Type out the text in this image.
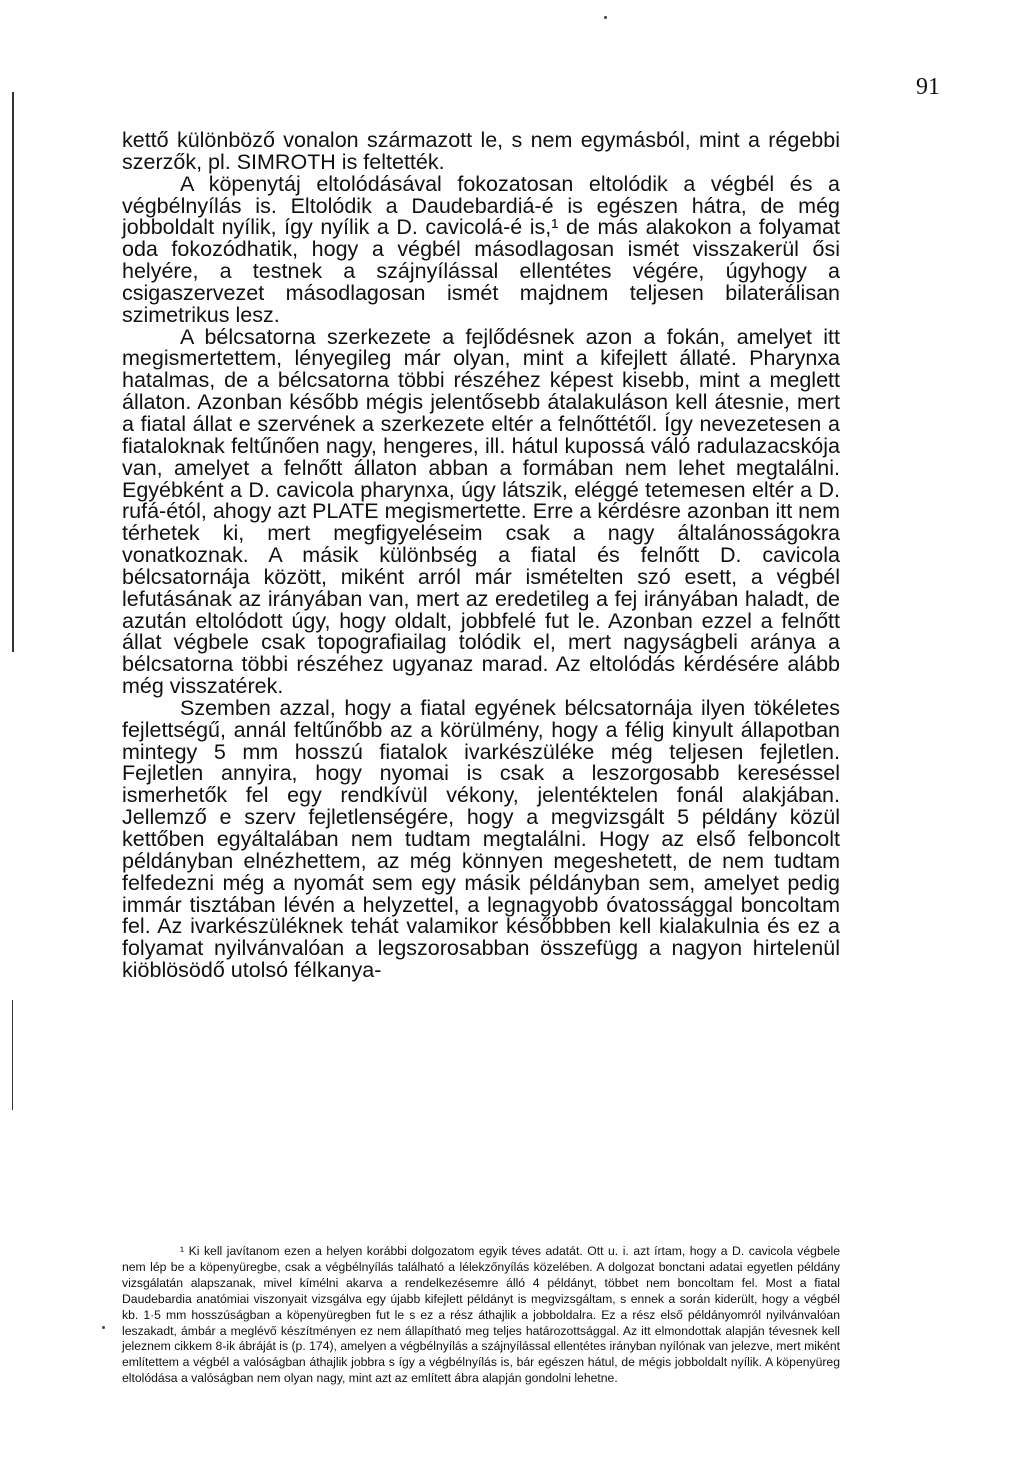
91

kettő különböző vonalon származott le, s nem egymásból, mint a régebbi szerzők, pl. SIMROTH is feltették.

A köpenytáj eltolódásával fokozatosan eltolódik a végbél és a végbélnyílás is. Eltolódik a Daudebardiá-é is egészen hátra, de még jobboldalt nyílik, így nyílik a D. cavicolá-é is,¹ de más alakokon a folyamat oda fokozódhatik, hogy a végbél másodlagosan ismét visszakerül ősi helyére, a testnek a szájnyílással ellentétes végére, úgyhogy a csigaszervezet másodlagosan ismét majdnem teljesen bilaterálisan szimetrikus lesz.

A bélcsatorna szerkezete a fejlődésnek azon a fokán, amelyet itt megismertettem, lényegileg már olyan, mint a kifejlett állaté. Pharynxa hatalmas, de a bélcsatorna többi részéhez képest kisebb, mint a meglett állaton. Azonban később mégis jelentősebb átalakuláson kell átesnie, mert a fiatal állat e szervének a szerkezete eltér a felnőttétől. Így nevezetesen a fiataloknak feltűnően nagy, hengeres, ill. hátul kupossá váló radulazacskója van, amelyet a felnőtt állaton abban a formában nem lehet megtalálni. Egyébként a D. cavicola pharynxa, úgy látszik, eléggé tetemesen eltér a D. rufá-étól, ahogy azt PLATE megismertette. Erre a kérdésre azonban itt nem térhetek ki, mert megfigyeléseim csak a nagy általánosságokra vonatkoznak. A másik különbség a fiatal és felnőtt D. cavicola bélcsatornája között, miként arról már ismételten szó esett, a végbél lefutásának az irányában van, mert az eredetileg a fej irányában haladt, de azután eltolódott úgy, hogy oldalt, jobbfelé fut le. Azonban ezzel a felnőtt állat végbele csak topografiailag tolódik el, mert nagyságbeli aránya a bélcsatorna többi részéhez ugyanaz marad. Az eltolódás kérdésére alább még visszatérek.

Szemben azzal, hogy a fiatal egyének bélcsatornája ilyen tökéletes fejlettségű, annál feltűnőbb az a körülmény, hogy a félig kinyult állapotban mintegy 5 mm hosszú fiatalok ivarkészüléke még teljesen fejletlen. Fejletlen annyira, hogy nyomai is csak a leszorgosabb kereséssel ismerhetők fel egy rendkívül vékony, jelentéktelen fonál alakjában. Jellemző e szerv fejletlenségére, hogy a megvizsgált 5 példány közül kettőben egyáltalában nem tudtam megtalálni. Hogy az első felboncolt példányban elnézhettem, az még könnyen megeshetett, de nem tudtam felfedezni még a nyomát sem egy másik példányban sem, amelyet pedig immár tisztában lévén a helyzettel, a legnagyobb óvatossággal boncoltam fel. Az ivarkészüléknek tehát valamikor későbbben kell kialakulnia és ez a folyamat nyilvánvalóan a legszorosabban összefügg a nagyon hirtelenül kiöblösödő utolsó félkanya-

¹ Ki kell javítanom ezen a helyen korábbi dolgozatom egyik téves adatát. Ott u. i. azt írtam, hogy a D. cavicola végbele nem lép be a köpenyüregbe, csak a végbélnyílás található a lélekzőnyílás közelében. A dolgozat bonctani adatai egyetlen példány vizsgálatán alapszanak, mivel kímélni akarva a rendelkezésemre álló 4 példányt, többet nem boncoltam fel. Most a fiatal Daudebardia anatómiai viszonyait vizsgálva egy újabb kifejlett példányt is megvizsgáltam, s ennek a során kiderült, hogy a végbél kb. 1·5 mm hosszúságban a köpenyüregben fut le s ez a rész áthajlik a jobboldalra. Ez a rész első példányomról nyilvánvalóan leszakadt, ámbár a meglévő készítményen ez nem állapítható meg teljes határozottsággal. Az itt elmondottak alapján tévesnek kell jeleznem cikkem 8-ik ábráját is (p. 174), amelyen a végbélnyílás a szájnyílással ellentétes irányban nyílónak van jelezve, mert miként említettem a végbél a valóságban áthajlik jobbra s így a végbélnyílás is, bár egészen hátul, de mégis jobboldalt nyílik. A köpenyüreg eltolódása a valóságban nem olyan nagy, mint azt az említett ábra alapján gondolni lehetne.
